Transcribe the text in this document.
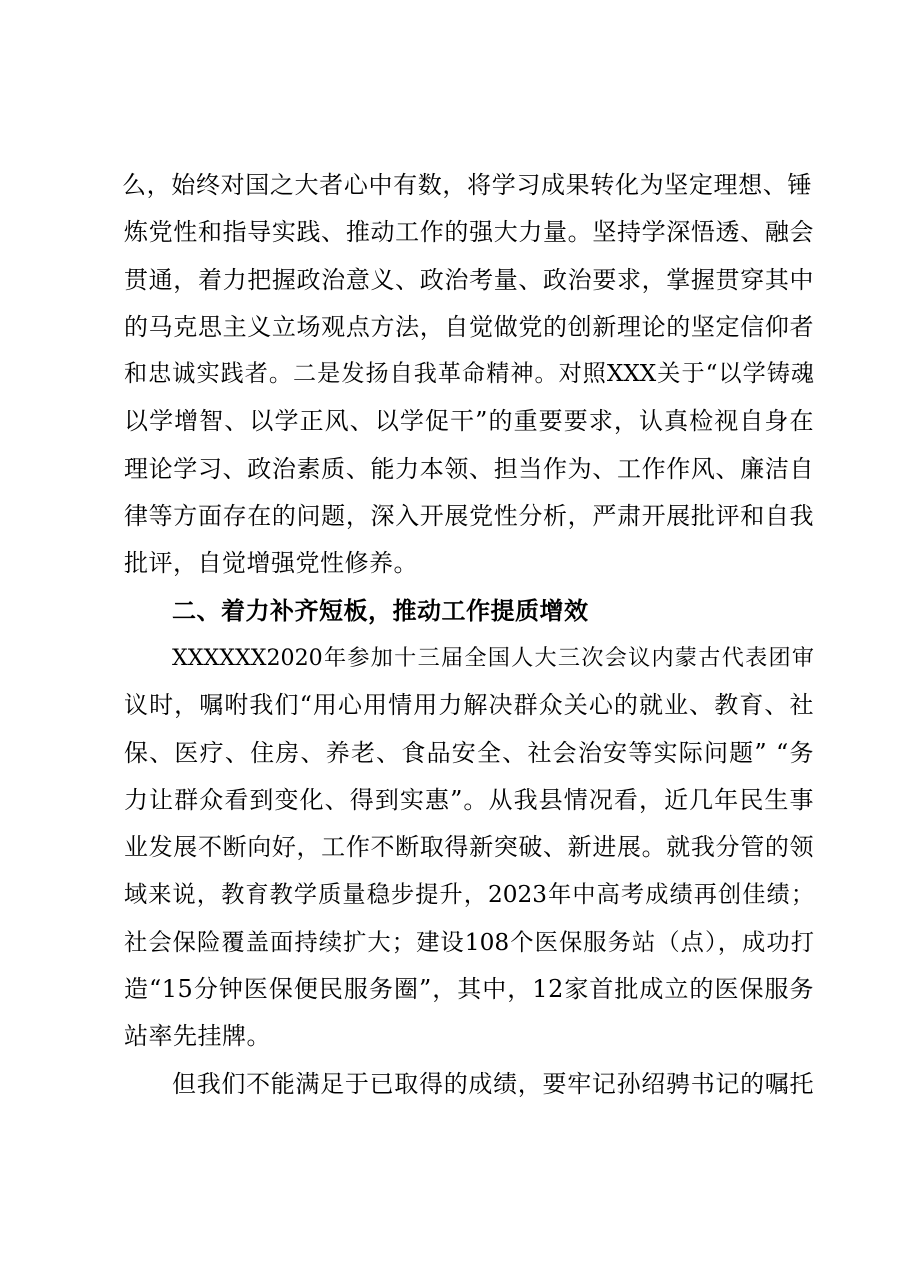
么，始终对国之大者心中有数，将学习成果转化为坚定理想、锤
炼党性和指导实践、推动工作的强大力量。坚持学深悟透、融会
贯通，着力把握政治意义、政治考量、政治要求，掌握贯穿其中
的马克思主义立场观点方法，自觉做党的创新理论的坚定信仰者
和忠诚实践者。二是发扬自我革命精神。对照XXX关于“以学铸魂
以学增智、以学正风、以学促干”的重要要求，认真检视自身在
理论学习、政治素质、能力本领、担当作为、工作作风、廉洁自
律等方面存在的问题，深入开展党性分析，严肃开展批评和自我
批评，自觉增强党性修养。
二、着力补齐短板，推动工作提质增效
XXXXXX2020年参加十三届全国人大三次会议内蒙古代表团审
议时，嘱咐我们“用心用情用力解决群众关心的就业、教育、社
保、医疗、住房、养老、食品安全、社会治安等实际问题” “务
力让群众看到变化、得到实惠”。从我县情况看，近几年民生事
业发展不断向好，工作不断取得新突破、新进展。就我分管的领
域来说，教育教学质量稳步提升，2023年中高考成绩再创佳绩；
社会保险覆盖面持续扩大；建设108个医保服务站（点），成功打
造“15分钟医保便民服务圈”，其中，12家首批成立的医保服务
站率先挂牌。
但我们不能满足于已取得的成绩，要牢记孙绍骋书记的嘱托
